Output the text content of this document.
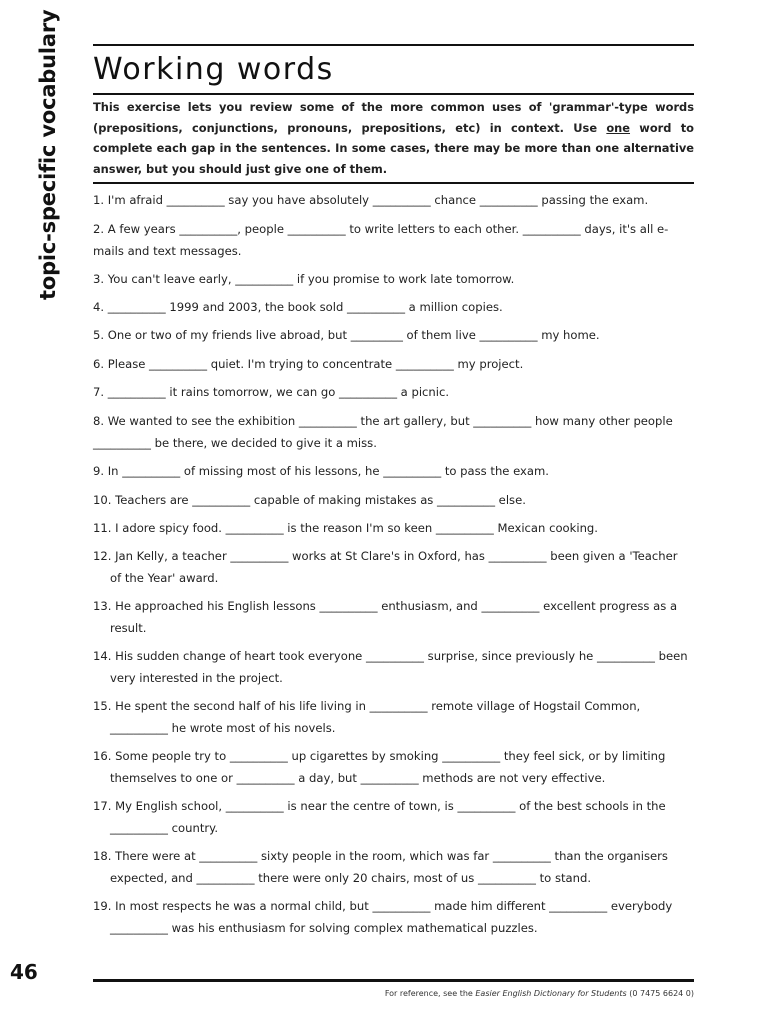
topic-specific vocabulary Working words
This exercise lets you review some of the more common uses of 'grammar'-type words (prepositions, conjunctions, pronouns, prepositions, etc) in context. Use one word to complete each gap in the sentences. In some cases, there may be more than one alternative answer, but you should just give one of them.
1. I'm afraid __________ say you have absolutely __________ chance __________ passing the exam.
2. A few years __________, people __________ to write letters to each other. __________ days, it's all e-
mails and text messages.
3. You can't leave early, __________ if you promise to work late tomorrow.
4. __________ 1999 and 2003, the book sold __________ a million copies.
5. One or two of my friends live abroad, but _________ of them live __________ my home.
6. Please __________ quiet. I'm trying to concentrate __________ my project.
7. __________ it rains tomorrow, we can go __________ a picnic.
8. We wanted to see the exhibition __________ the art gallery, but __________ how many other people
__________ be there, we decided to give it a miss.
9. In __________ of missing most of his lessons, he __________ to pass the exam.
10. Teachers are __________ capable of making mistakes as __________ else.
11. I adore spicy food. __________ is the reason I'm so keen __________ Mexican cooking.
12. Jan Kelly, a teacher __________ works at St Clare's in Oxford, has __________ been given a 'Teacher
of the Year' award.
13. He approached his English lessons __________ enthusiasm, and __________ excellent progress as a
result.
14. His sudden change of heart took everyone __________ surprise, since previously he __________ been
very interested in the project.
15. He spent the second half of his life living in __________ remote village of Hogstail Common,
__________ he wrote most of his novels.
16. Some people try to __________ up cigarettes by smoking __________ they feel sick, or by limiting
themselves to one or __________ a day, but __________ methods are not very effective.
17. My English school, __________ is near the centre of town, is __________ of the best schools in the
__________ country.
18. There were at __________ sixty people in the room, which was far __________ than the organisers
expected, and __________ there were only 20 chairs, most of us __________ to stand.
19. In most respects he was a normal child, but __________ made him different __________ everybody
__________ was his enthusiasm for solving complex mathematical puzzles.
46
For reference, see the Easier English Dictionary for Students (0 7475 6624 0)
